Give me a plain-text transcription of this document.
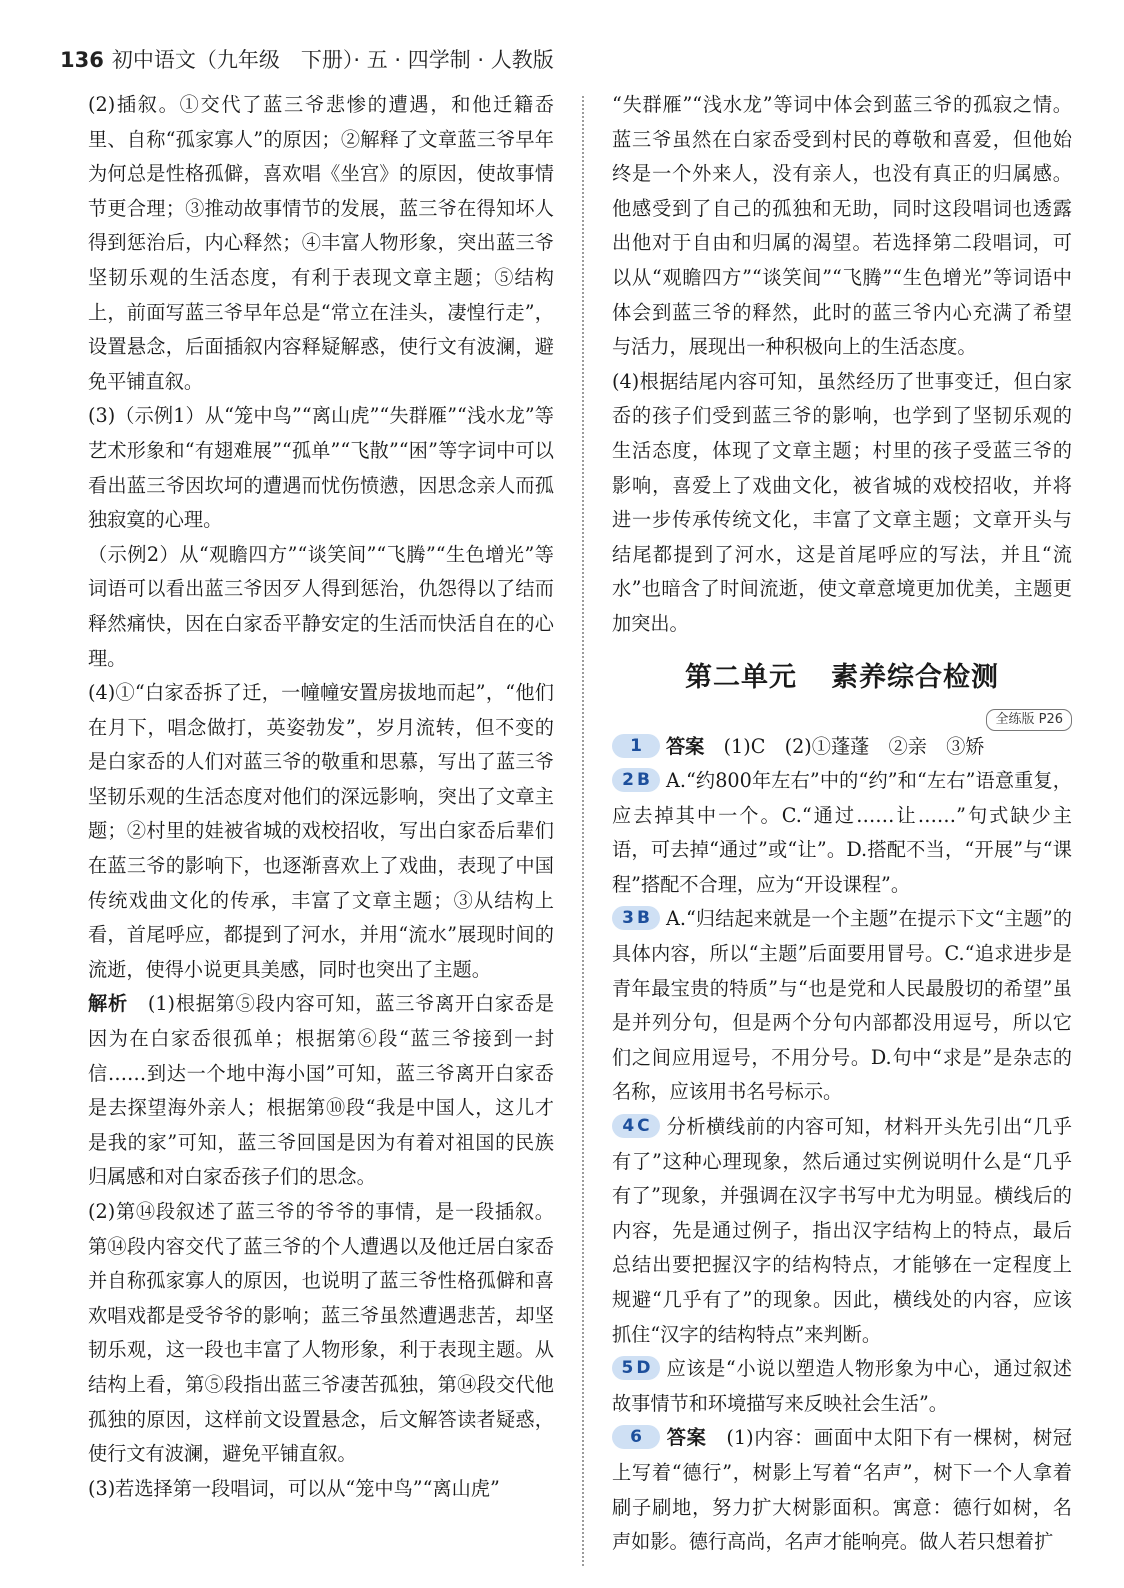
136 初中语文（九年级　下册）· 五 · 四学制 · 人教版

(2)插叙。①交代了蓝三爷悲惨的遭遇，和他迁籍岙里、自称“孤家寡人”的原因；②解释了文章蓝三爷早年为何总是性格孤僻，喜欢唱《坐宫》的原因，使故事情节更合理；③推动故事情节的发展，蓝三爷在得知坏人得到惩治后，内心释然；④丰富人物形象，突出蓝三爷坚韧乐观的生活态度，有利于表现文章主题；⑤结构上，前面写蓝三爷早年总是“常立在洼头，凄惶行走”，设置悬念，后面插叙内容释疑解惑，使行文有波澜，避免平铺直叙。

(3)（示例1）从“笼中鸟”“离山虎”“失群雁”“浅水龙”等艺术形象和“有翅难展”“孤单”“飞散”“困”等字词中可以看出蓝三爷因坎坷的遭遇而忧伤愤懑，因思念亲人而孤独寂寞的心理。

（示例2）从“观瞻四方”“谈笑间”“飞腾”“生色增光”等词语可以看出蓝三爷因歹人得到惩治，仇怨得以了结而释然痛快，因在白家岙平静安定的生活而快活自在的心理。

(4)①“白家岙拆了迁，一幢幢安置房拔地而起”，“他们在月下，唱念做打，英姿勃发”，岁月流转，但不变的是白家岙的人们对蓝三爷的敬重和思慕，写出了蓝三爷坚韧乐观的生活态度对他们的深远影响，突出了文章主题；②村里的娃被省城的戏校招收，写出白家岙后辈们在蓝三爷的影响下，也逐渐喜欢上了戏曲，表现了中国传统戏曲文化的传承，丰富了文章主题；③从结构上看，首尾呼应，都提到了河水，并用“流水”展现时间的流逝，使得小说更具美感，同时也突出了主题。

解析　(1)根据第⑤段内容可知，蓝三爷离开白家岙是因为在白家岙很孤单；根据第⑥段“蓝三爷接到一封信……到达一个地中海小国”可知，蓝三爷离开白家岙是去探望海外亲人；根据第⑩段“我是中国人，这儿才是我的家”可知，蓝三爷回国是因为有着对祖国的民族归属感和对白家岙孩子们的思念。

(2)第⑭段叙述了蓝三爷的爷爷的事情，是一段插叙。第⑭段内容交代了蓝三爷的个人遭遇以及他迁居白家岙并自称孤家寡人的原因，也说明了蓝三爷性格孤僻和喜欢唱戏都是受爷爷的影响；蓝三爷虽然遭遇悲苦，却坚韧乐观，这一段也丰富了人物形象，利于表现主题。从结构上看，第⑤段指出蓝三爷凄苦孤独，第⑭段交代他孤独的原因，这样前文设置悬念，后文解答读者疑惑，使行文有波澜，避免平铺直叙。

(3)若选择第一段唱词，可以从“笼中鸟”“离山虎”

“失群雁”“浅水龙”等词中体会到蓝三爷的孤寂之情。蓝三爷虽然在白家岙受到村民的尊敬和喜爱，但他始终是一个外来人，没有亲人，也没有真正的归属感。他感受到了自己的孤独和无助，同时这段唱词也透露出他对于自由和归属的渴望。若选择第二段唱词，可以从“观瞻四方”“谈笑间”“飞腾”“生色增光”等词语中体会到蓝三爷的释然，此时的蓝三爷内心充满了希望与活力，展现出一种积极向上的生活态度。

(4)根据结尾内容可知，虽然经历了世事变迁，但白家岙的孩子们受到蓝三爷的影响，也学到了坚韧乐观的生活态度，体现了文章主题；村里的孩子受蓝三爷的影响，喜爱上了戏曲文化，被省城的戏校招收，并将进一步传承传统文化，丰富了文章主题；文章开头与结尾都提到了河水，这是首尾呼应的写法，并且“流水”也暗含了时间流逝，使文章意境更加优美，主题更加突出。

第二单元 素养综合检测
全练版 P26

1 答案　(1)C　(2)①蓬蓬　②亲　③矫

2 B A.“约800年左右”中的“约”和“左右”语意重复，应去掉其中一个。C.“通过……让……”句式缺少主语，可去掉“通过”或“让”。D.搭配不当，“开展”与“课程”搭配不合理，应为“开设课程”。

3 B A.“归结起来就是一个主题”在提示下文“主题”的具体内容，所以“主题”后面要用冒号。C.“追求进步是青年最宝贵的特质”与“也是党和人民最殷切的希望”虽是并列分句，但是两个分句内部都没用逗号，所以它们之间应用逗号，不用分号。D.句中“求是”是杂志的名称，应该用书名号标示。

4 C 分析横线前的内容可知，材料开头先引出“几乎有了”这种心理现象，然后通过实例说明什么是“几乎有了”现象，并强调在汉字书写中尤为明显。横线后的内容，先是通过例子，指出汉字结构上的特点，最后总结出要把握汉字的结构特点，才能够在一定程度上规避“几乎有了”的现象。因此，横线处的内容，应该抓住“汉字的结构特点”来判断。

5 D 应该是“小说以塑造人物形象为中心，通过叙述故事情节和环境描写来反映社会生活”。

6 答案　(1)内容：画面中太阳下有一棵树，树冠上写着“德行”，树影上写着“名声”，树下一个人拿着刷子刷地，努力扩大树影面积。寓意：德行如树，名声如影。德行高尚，名声才能响亮。做人若只想着扩
